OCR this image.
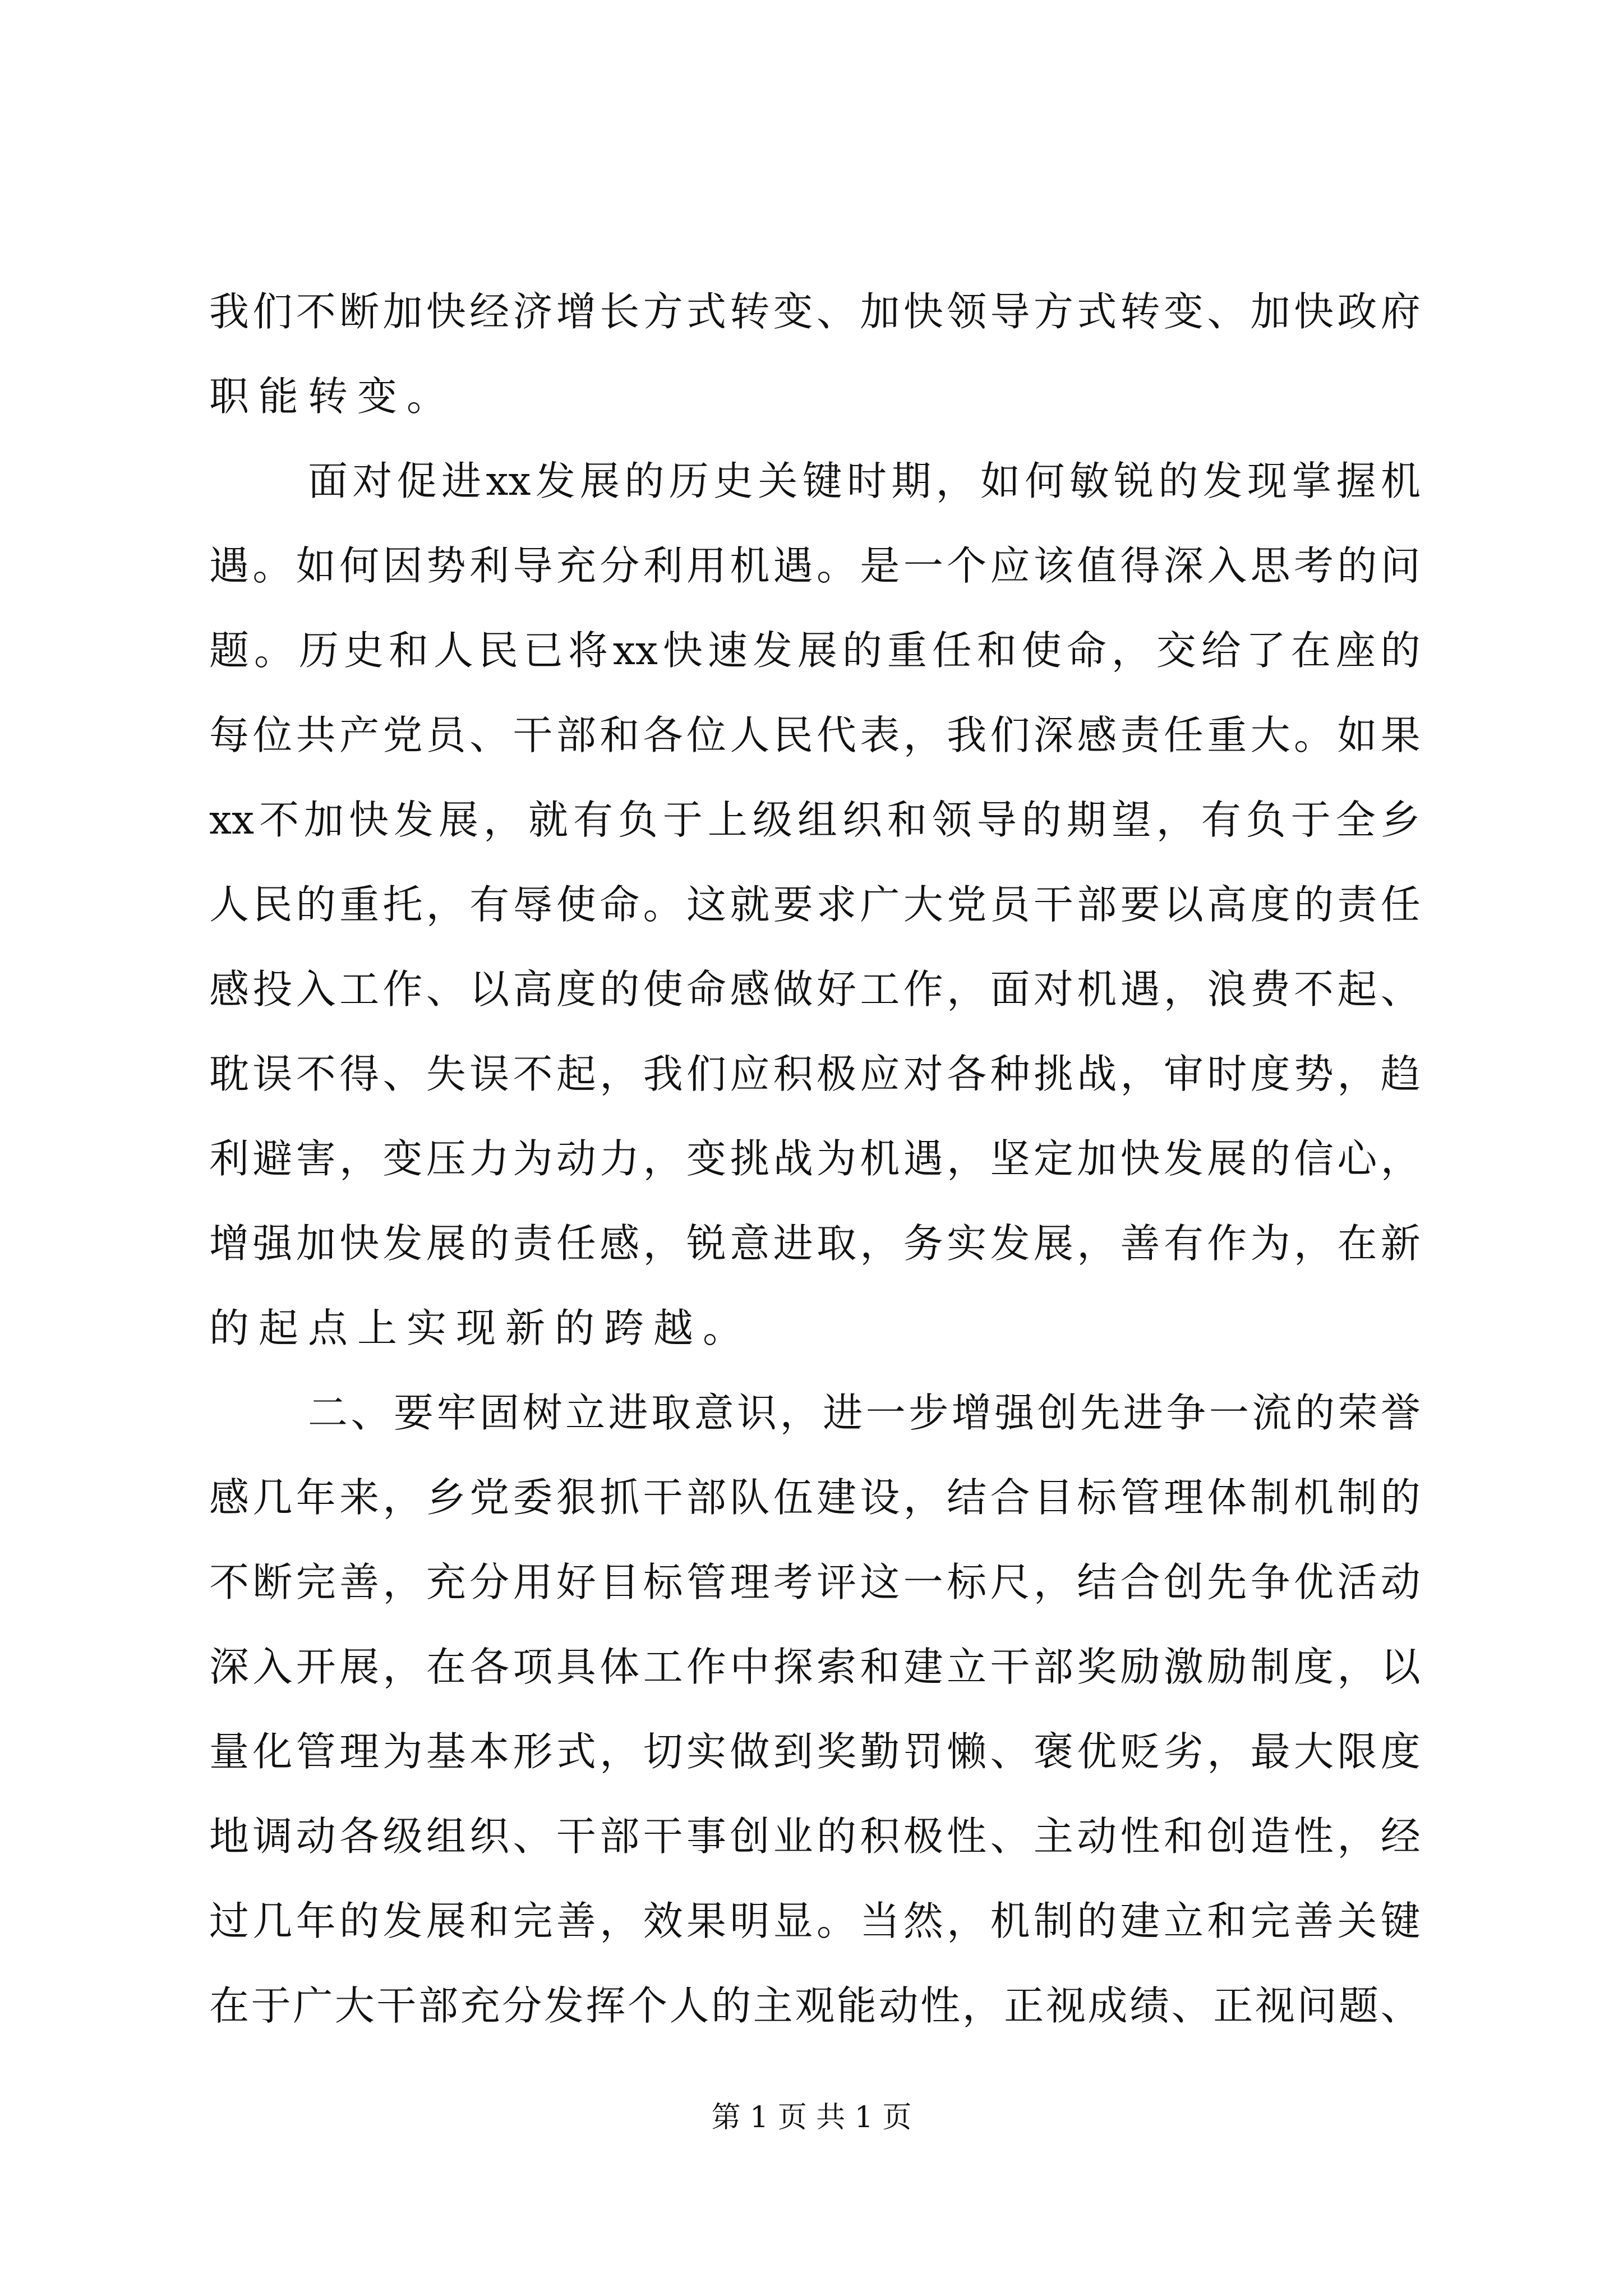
我 们 不 断 加 快 经 济 增 长 方 式 转 变 、 加 快 领 导 方 式 转 变 、 加 快 政 府
职能转变。
面 对 促 进 xx 发 展 的 历 史 关 键 时 期 ， 如 何 敏 锐 的 发 现 掌 握 机
遇 。 如 何 因 势 利 导 充 分 利 用 机 遇 。 是 一 个 应 该 值 得 深 入 思 考 的 问
题 。 历 史 和 人 民 已 将 xx 快 速 发 展 的 重 任 和 使 命 ， 交 给 了 在 座 的
每 位 共 产 党 员 、 干 部 和 各 位 人 民 代 表 ， 我 们 深 感 责 任 重 大 。 如 果
xx 不 加 快 发 展 ， 就 有 负 于 上 级 组 织 和 领 导 的 期 望 ， 有 负 于 全 乡
人 民 的 重 托 ， 有 辱 使 命 。 这 就 要 求 广 大 党 员 干 部 要 以 高 度 的 责 任
感 投 入 工 作 、 以 高 度 的 使 命 感 做 好 工 作 ， 面 对 机 遇 ， 浪 费 不 起 、
耽 误 不 得 、 失 误 不 起 ， 我 们 应 积 极 应 对 各 种 挑 战 ， 审 时 度 势 ， 趋
利 避 害 ， 变 压 力 为 动 力 ， 变 挑 战 为 机 遇 ， 坚 定 加 快 发 展 的 信 心 ，
增 强 加 快 发 展 的 责 任 感 ， 锐 意 进 取 ， 务 实 发 展 ， 善 有 作 为 ， 在 新
的起点上实现新的跨越。
二 、 要 牢 固 树 立 进 取 意 识 ， 进 一 步 增 强 创 先 进 争 一 流 的 荣 誉
感 几 年 来 ， 乡 党 委 狠 抓 干 部 队 伍 建 设 ， 结 合 目 标 管 理 体 制 机 制 的
不 断 完 善 ， 充 分 用 好 目 标 管 理 考 评 这 一 标 尺 ， 结 合 创 先 争 优 活 动
深 入 开 展 ， 在 各 项 具 体 工 作 中 探 索 和 建 立 干 部 奖 励 激 励 制 度 ， 以
量 化 管 理 为 基 本 形 式 ， 切 实 做 到 奖 勤 罚 懒 、 褒 优 贬 劣 ， 最 大 限 度
地 调 动 各 级 组 织 、 干 部 干 事 创 业 的 积 极 性 、 主 动 性 和 创 造 性 ， 经
过 几 年 的 发 展 和 完 善 ， 效 果 明 显 。 当 然 ， 机 制 的 建 立 和 完 善 关 键
在 于 广 大 干 部 充 分 发 挥 个 人 的 主 观 能 动 性 ， 正 视 成 绩 、 正 视 问 题 、
第 1 页 共 1 页
